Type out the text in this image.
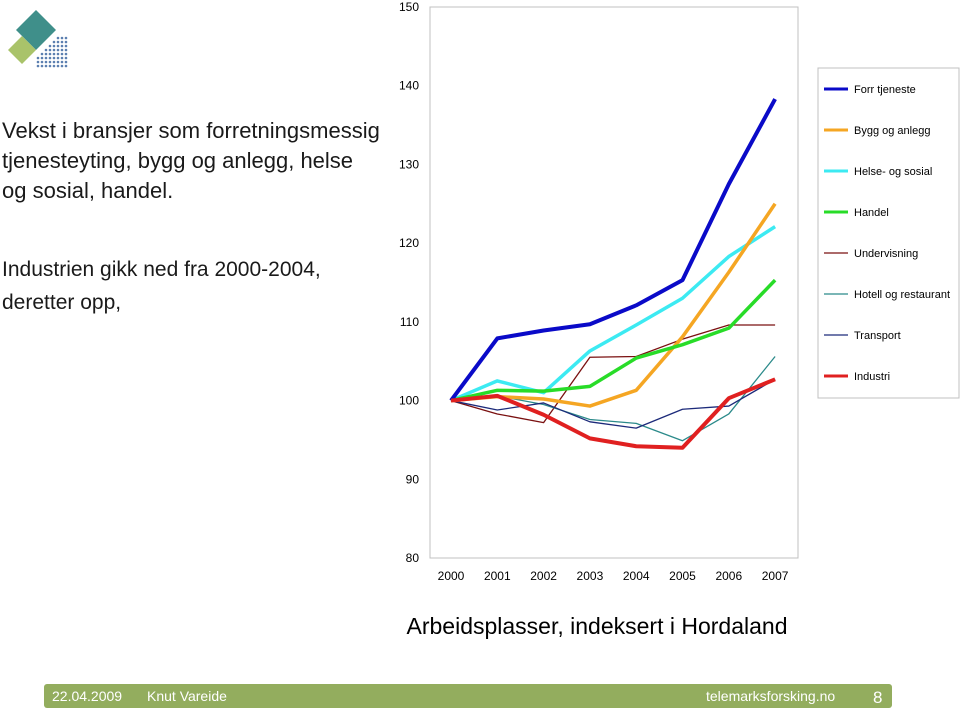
Vekst i bransjer som forretningsmessig tjenesteyting, bygg og anlegg, helse og sosial, handel.
Industrien gikk ned fra 2000-2004, deretter opp,
80
90
100
110
120
130
140
150
2000 2001 2002 2003 2004 2005 2006 2007
Forr tjeneste
Bygg og anlegg
Helse- og sosial
Handel
Undervisning
Hotell og restaurant
Transport
Industri
Arbeidsplasser, indeksert i Hordaland
22.04.2009 Knut Vareide	telemarksforsking.no 8
